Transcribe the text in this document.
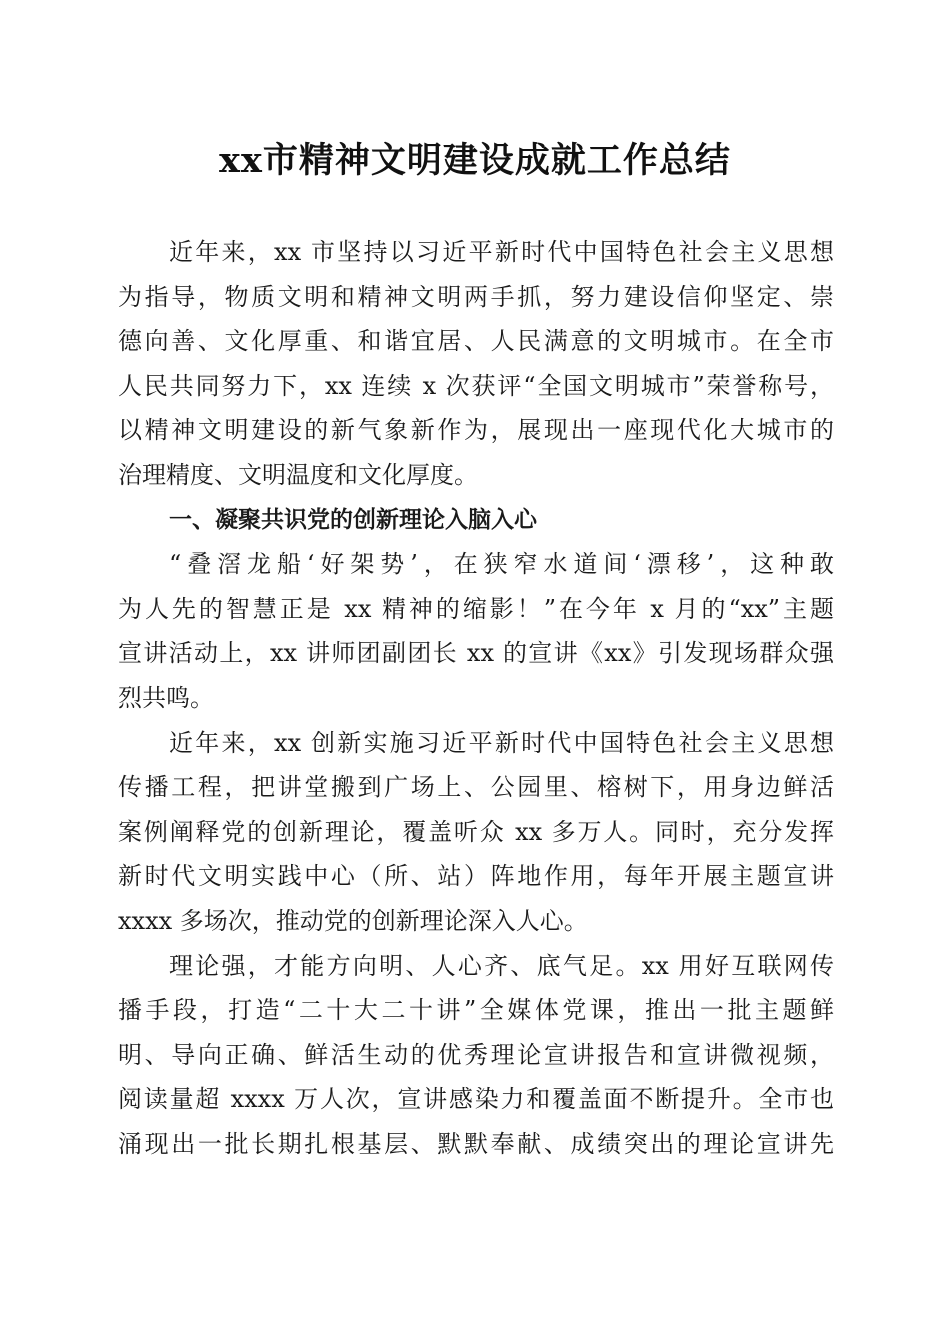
xx市精神文明建设成就工作总结
近年来，xx 市坚持以习近平新时代中国特色社会主义思想
为指导，物质文明和精神文明两手抓，努力建设信仰坚定、崇
德向善、文化厚重、和谐宜居、人民满意的文明城市。在全市
人民共同努力下，xx 连续 x 次获评“全国文明城市”荣誉称号，
以精神文明建设的新气象新作为，展现出一座现代化大城市的
治理精度、文明温度和文化厚度。
一、凝聚共识党的创新理论入脑入心
“叠滘龙船‘好架势’，在狭窄水道间‘漂移’，这种敢
为人先的智慧正是 xx 精神的缩影！”在今年 x 月的“xx”主题
宣讲活动上，xx 讲师团副团长 xx 的宣讲《xx》引发现场群众强
烈共鸣。
近年来，xx 创新实施习近平新时代中国特色社会主义思想
传播工程，把讲堂搬到广场上、公园里、榕树下，用身边鲜活
案例阐释党的创新理论，覆盖听众 xx 多万人。同时，充分发挥
新时代文明实践中心（所、站）阵地作用，每年开展主题宣讲
xxxx 多场次，推动党的创新理论深入人心。
理论强，才能方向明、人心齐、底气足。xx 用好互联网传
播手段，打造“二十大二十讲”全媒体党课，推出一批主题鲜
明、导向正确、鲜活生动的优秀理论宣讲报告和宣讲微视频，
阅读量超 xxxx 万人次，宣讲感染力和覆盖面不断提升。全市也
涌现出一批长期扎根基层、默默奉献、成绩突出的理论宣讲先
